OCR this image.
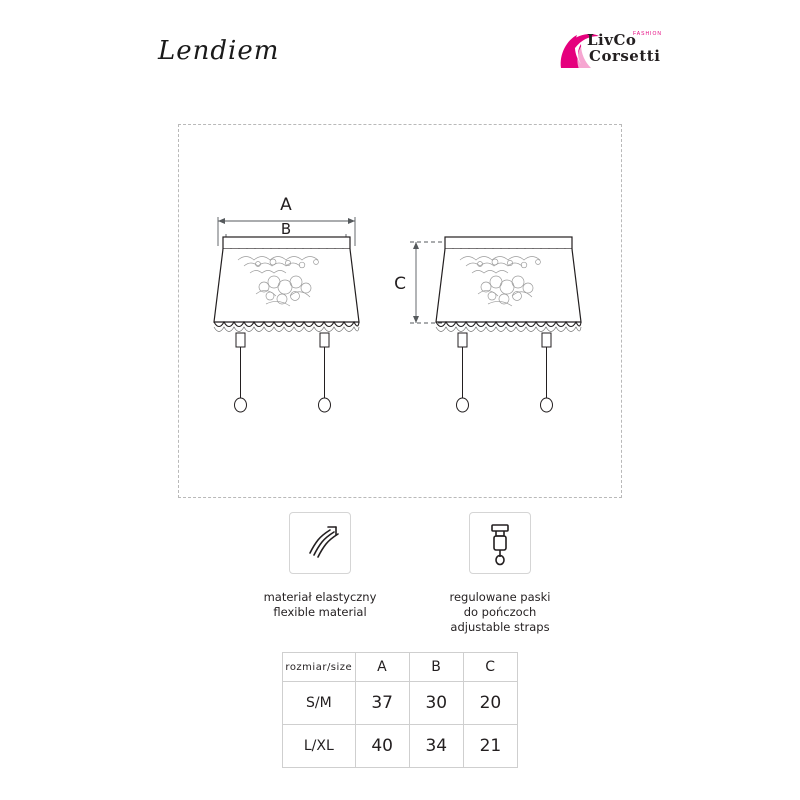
Lendiem	LivCo
Corsetti
FASHION
A
B
C
materiał elastyczny
flexible material
regulowane paski
do pończoch
adjustable straps
rozmiar/size	A	B	C
S/M	37	30	20
L/XL	40	34	21
